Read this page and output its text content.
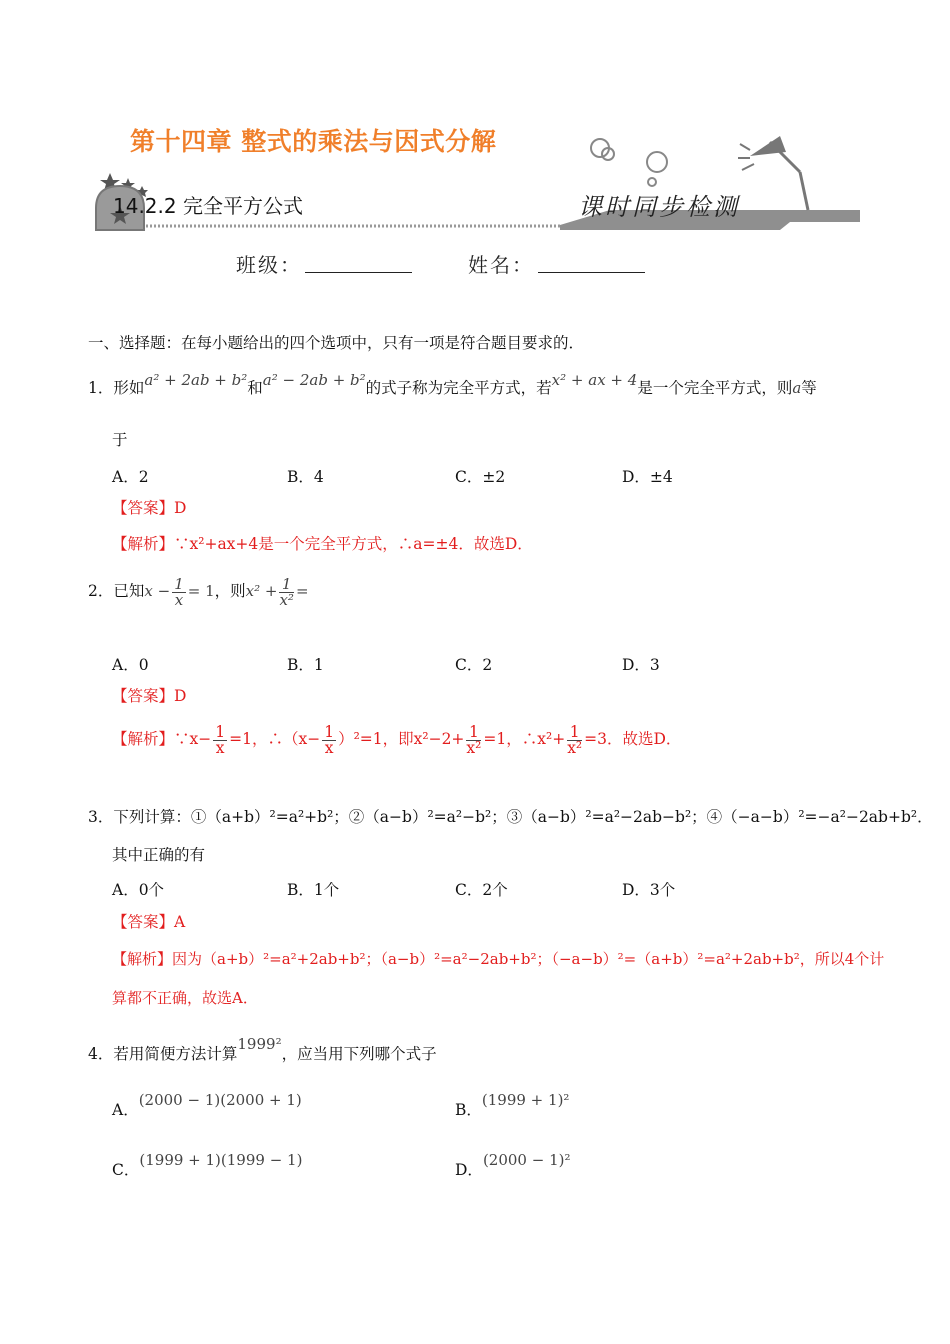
第十四章 整式的乘法与因式分解
14.2.2 完全平方公式	课时同步检测
班级：	姓名：
一、选择题：在每小题给出的四个选项中，只有一项是符合题目要求的．
1．形如a² + 2ab + b²和a² − 2ab + b²的式子称为完全平方式，若x² + ax + 4是一个完全平方式，则a等
于
A．2	B．4	C．±2	D．±4
【答案】D
【解析】∵x²+ax+4是一个完全平方式，∴a=±4．故选D．
2．已知$x - \frac{1}{x} = 1$，则$x^2 + \frac{1}{\text{x²}}$ =
A．0	B．1	C．2	D．3
【答案】D
【解析】∵x− $\frac{1}{x} =1$，∴（x− $\frac{1}{x} )^2=1$，即$x^2-2+ \frac{1}{\text{x²}} =1$，∴x²+ $\frac{1}{\text{x²}} =3$．故选D．
3．下列计算：①（a+b）²=a²+b²；②（a−b）²=a²−b²；③（a−b）²=a²−2ab−b²；④（−a−b）²=−a²−2ab+b²．
其中正确的有
A．0个	B．1个	C．2个	D．3个
【答案】A
【解析】因为（a+b）²=a²+2ab+b²；（a−b）²=a²−2ab+b²；（−a−b）²=（a+b）²=a²+2ab+b²，所以4个计
算都不正确，故选A．
4．若用简便方法计算1999²，应当用下列哪个式子
A．(2000 − 1)(2000 + 1)
B．(1999 + 1)²
C．(1999 + 1)(1999 − 1)
D．(2000 − 1)²
